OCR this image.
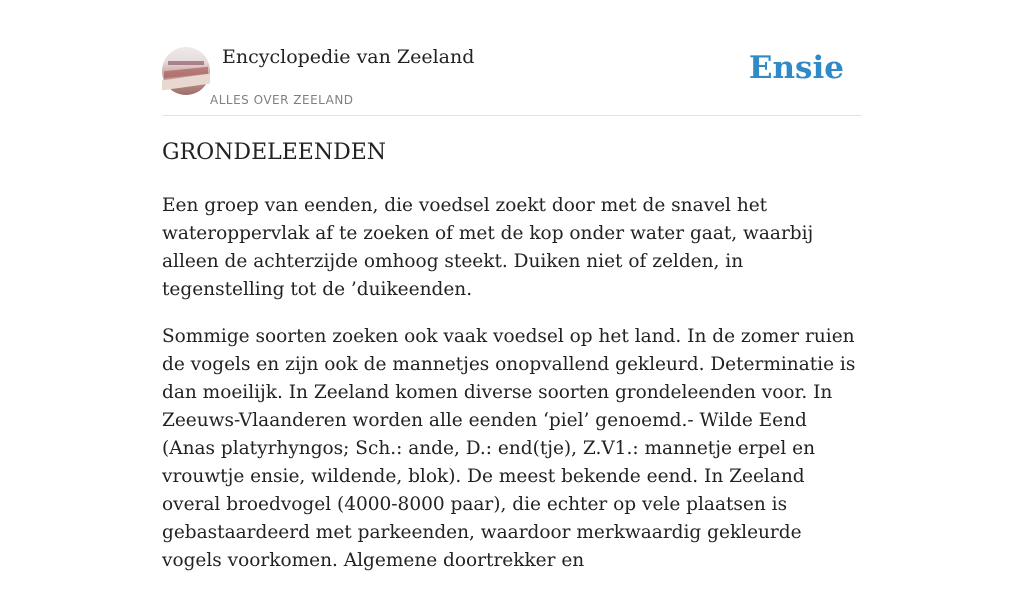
Encyclopedie van Zeeland
ALLES OVER ZEELAND
Ensie
GRONDELEENDEN

Een groep van eenden, die voedsel zoekt door met de snavel het wateroppervlak af te zoeken of met de kop onder water gaat, waarbij alleen de achterzijde omhoog steekt. Duiken niet of zelden, in tegenstelling tot de ’duikeenden.

Sommige soorten zoeken ook vaak voedsel op het land. In de zomer ruien de vogels en zijn ook de mannetjes onopvallend gekleurd. Determinatie is dan moeilijk. In Zeeland komen diverse soorten grondeleenden voor. In Zeeuws-Vlaanderen worden alle eenden ‘piel’ genoemd.- Wilde Eend (Anas platyrhyngos; Sch.: ande, D.: end(tje), Z.V1.: mannetje erpel en vrouwtje ensie, wildende, blok). De meest bekende eend. In Zeeland overal broedvogel (4000-8000 paar), die echter op vele plaatsen is gebastaardeerd met parkeenden, waardoor merkwaardig gekleurde vogels voorkomen. Algemene doortrekker en
